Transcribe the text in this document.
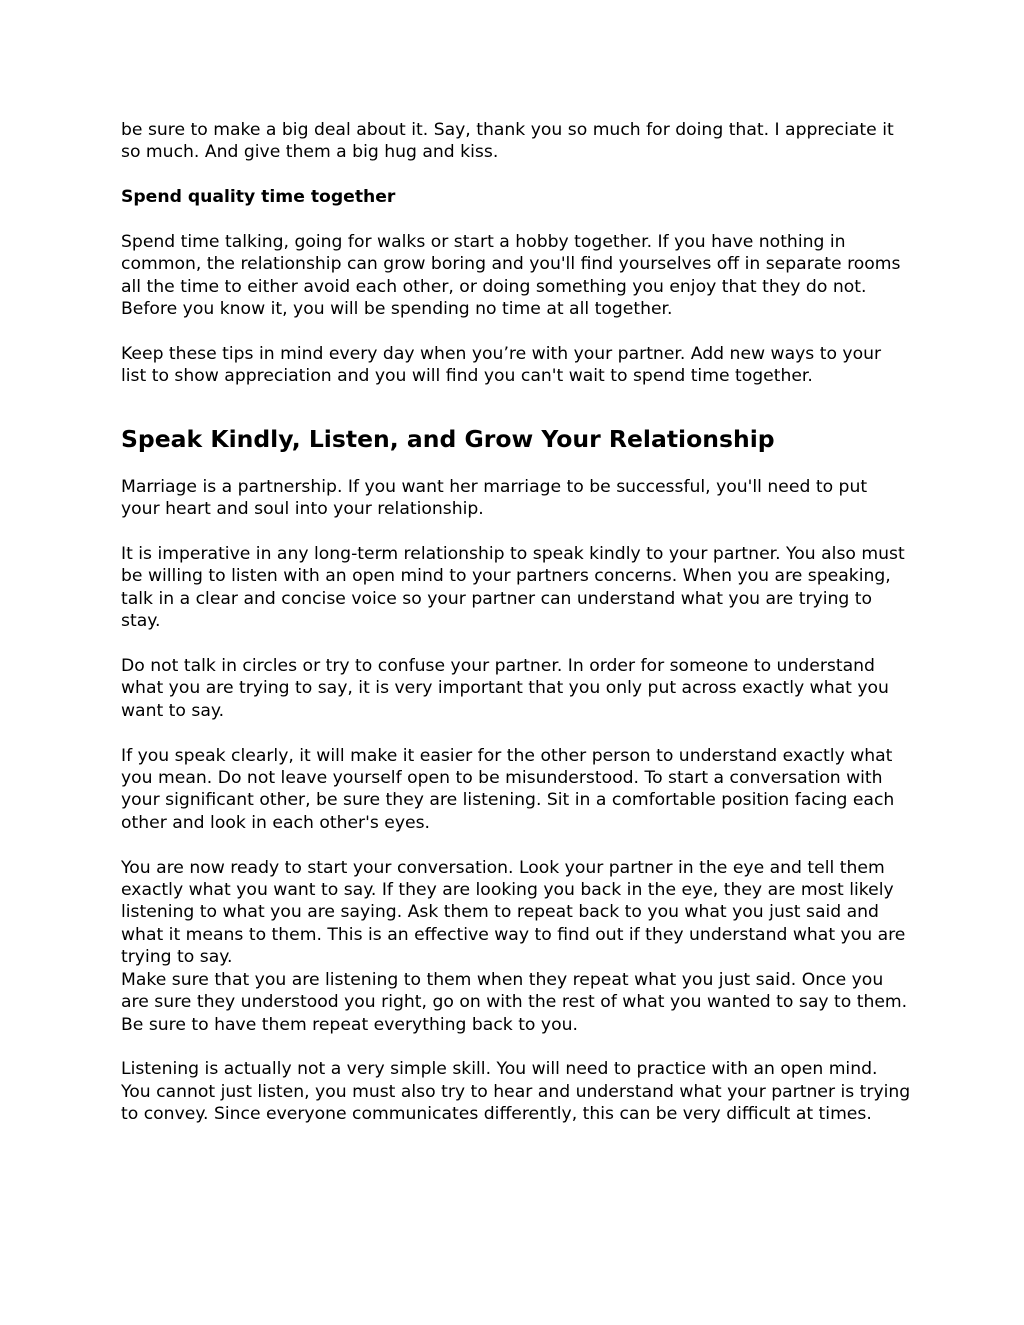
be sure to make a big deal about it. Say, thank you so much for doing that. I appreciate it so much. And give them a big hug and kiss.

Spend quality time together

Spend time talking, going for walks or start a hobby together. If you have nothing in common, the relationship can grow boring and you'll find yourselves off in separate rooms all the time to either avoid each other, or doing something you enjoy that they do not. Before you know it, you will be spending no time at all together.

Keep these tips in mind every day when you’re with your partner. Add new ways to your list to show appreciation and you will find you can't wait to spend time together.

Speak Kindly, Listen, and Grow Your Relationship

Marriage is a partnership. If you want her marriage to be successful, you'll need to put your heart and soul into your relationship.

It is imperative in any long-term relationship to speak kindly to your partner. You also must be willing to listen with an open mind to your partners concerns. When you are speaking, talk in a clear and concise voice so your partner can understand what you are trying to stay.

Do not talk in circles or try to confuse your partner. In order for someone to understand what you are trying to say, it is very important that you only put across exactly what you want to say.

If you speak clearly, it will make it easier for the other person to understand exactly what you mean. Do not leave yourself open to be misunderstood. To start a conversation with your significant other, be sure they are listening. Sit in a comfortable position facing each other and look in each other's eyes.

You are now ready to start your conversation. Look your partner in the eye and tell them exactly what you want to say. If they are looking you back in the eye, they are most likely listening to what you are saying. Ask them to repeat back to you what you just said and what it means to them. This is an effective way to find out if they understand what you are trying to say.

Make sure that you are listening to them when they repeat what you just said. Once you are sure they understood you right, go on with the rest of what you wanted to say to them. Be sure to have them repeat everything back to you.

Listening is actually not a very simple skill. You will need to practice with an open mind. You cannot just listen, you must also try to hear and understand what your partner is trying to convey. Since everyone communicates differently, this can be very difficult at times.
